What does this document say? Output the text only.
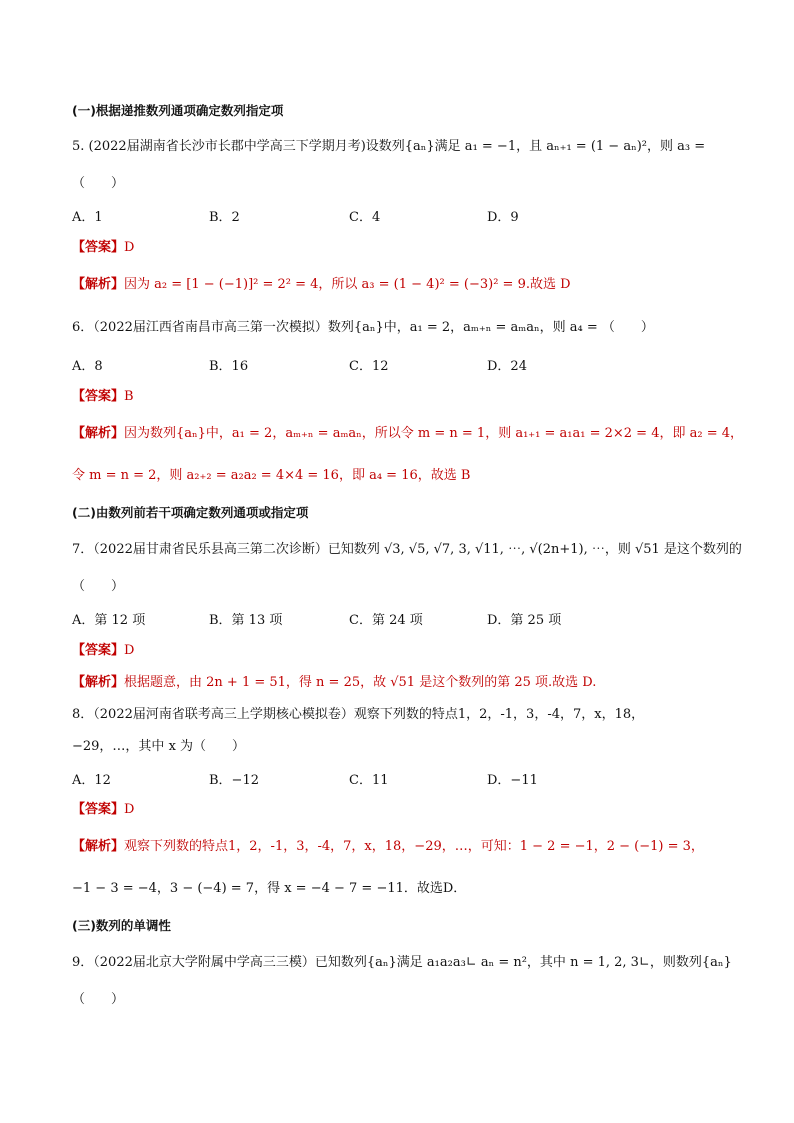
(一)根据递推数列通项确定数列指定项
5. (2022届湖南省长沙市长郡中学高三下学期月考)设数列{aₙ}满足 a₁ = −1，且 aₙ₊₁ = (1 − aₙ)²，则 a₃ =
（　　）
A．1	B．2	C．4	D．9
【答案】D
【解析】因为 a₂ = [1 − (−1)]² = 2² = 4，所以 a₃ = (1 − 4)² = (−3)² = 9.故选 D
6．（2022届江西省南昌市高三第一次模拟）数列{aₙ}中，a₁ = 2，aₘ₊ₙ = aₘaₙ，则 a₄ = （　　）
A．8	B．16	C．12	D．24
【答案】B
【解析】因为数列{aₙ}中，a₁ = 2，aₘ₊ₙ = aₘaₙ，所以令 m = n = 1，则 a₁₊₁ = a₁a₁ = 2×2 = 4，即 a₂ = 4，
令 m = n = 2，则 a₂₊₂ = a₂a₂ = 4×4 = 16，即 a₄ = 16，故选 B
(二)由数列前若干项确定数列通项或指定项
7．（2022届甘肃省民乐县高三第二次诊断）已知数列 √3, √5, √7, 3, √11, ⋯, √(2n+1), ⋯，则 √51 是这个数列的
（　　）
A．第 12 项	B．第 13 项	C．第 24 项	D．第 25 项
【答案】D
【解析】根据题意，由 2n + 1 = 51，得 n = 25，故 √51 是这个数列的第 25 项.故选 D.
8．（2022届河南省联考高三上学期核心模拟卷）观察下列数的特点1，2，-1，3，-4，7，x，18，
−29，…，其中 x 为（　　）
A．12	B．−12	C．11	D．−11
【答案】D
【解析】观察下列数的特点1，2，-1，3，-4，7，x，18，−29，…，可知：1 − 2 = −1，2 − (−1) = 3，
−1 − 3 = −4，3 − (−4) = 7，得 x = −4 − 7 = −11．故选D．
(三)数列的单调性
9．（2022届北京大学附属中学高三三模）已知数列{aₙ}满足 a₁a₂a₃∟ aₙ = n²，其中 n = 1, 2, 3∟，则数列{aₙ}
（　　）
